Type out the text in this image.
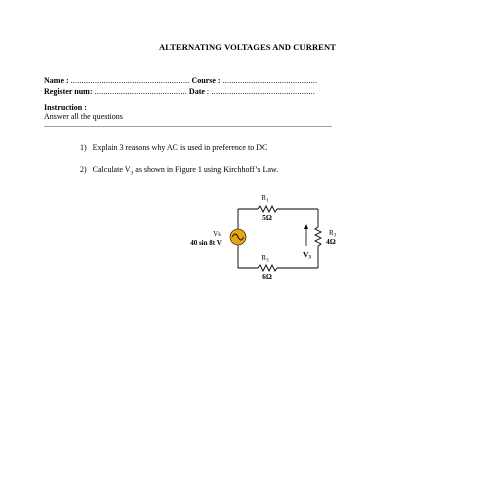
ALTERNATING VOLTAGES AND CURRENT
Name : ...................................................... Course : ...........................................
Register num: .......................................... Date : ...............................................
Instruction :
Answer all the questions
................................................................................................................................................
1) Explain 3 reasons why AC is used in preference to DC
2) Calculate $V_3$ as shown in Figure 1 using Kirchhoff’s Law.
$R_1$
5Ω
$R_3$
4Ω
$V_3$
$R_3$
6Ω
Vs
40 sin 8t V
